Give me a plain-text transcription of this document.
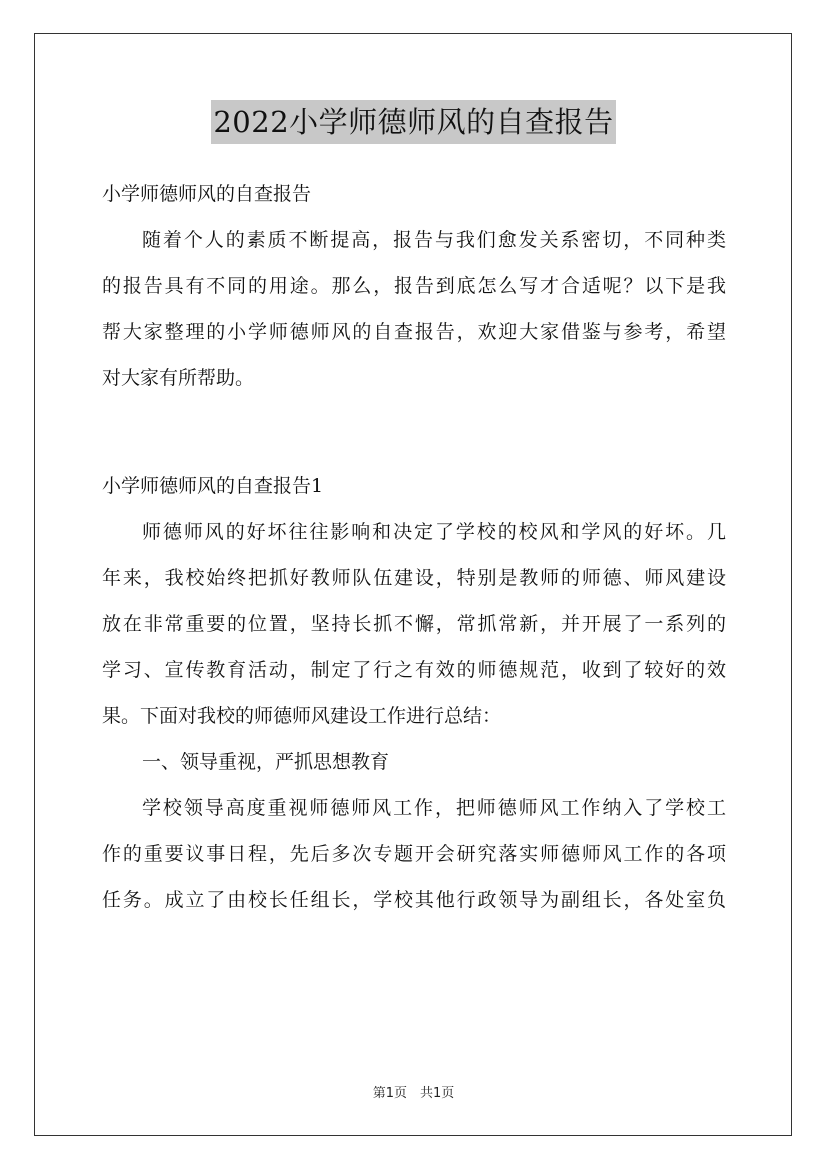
2022小学师德师风的自查报告
小学师德师风的自查报告
随着个人的素质不断提高，报告与我们愈发关系密切，不同种类
的报告具有不同的用途。那么，报告到底怎么写才合适呢？以下是我
帮大家整理的小学师德师风的自查报告，欢迎大家借鉴与参考，希望
对大家有所帮助。
小学师德师风的自查报告1
师德师风的好坏往往影响和决定了学校的校风和学风的好坏。几
年来，我校始终把抓好教师队伍建设，特别是教师的师德、师风建设
放在非常重要的位置，坚持长抓不懈，常抓常新，并开展了一系列的
学习、宣传教育活动，制定了行之有效的师德规范，收到了较好的效
果。下面对我校的师德师风建设工作进行总结：
一、领导重视，严抓思想教育
学校领导高度重视师德师风工作，把师德师风工作纳入了学校工
作的重要议事日程，先后多次专题开会研究落实师德师风工作的各项
任务。成立了由校长任组长，学校其他行政领导为副组长，各处室负
第1页　共1页
